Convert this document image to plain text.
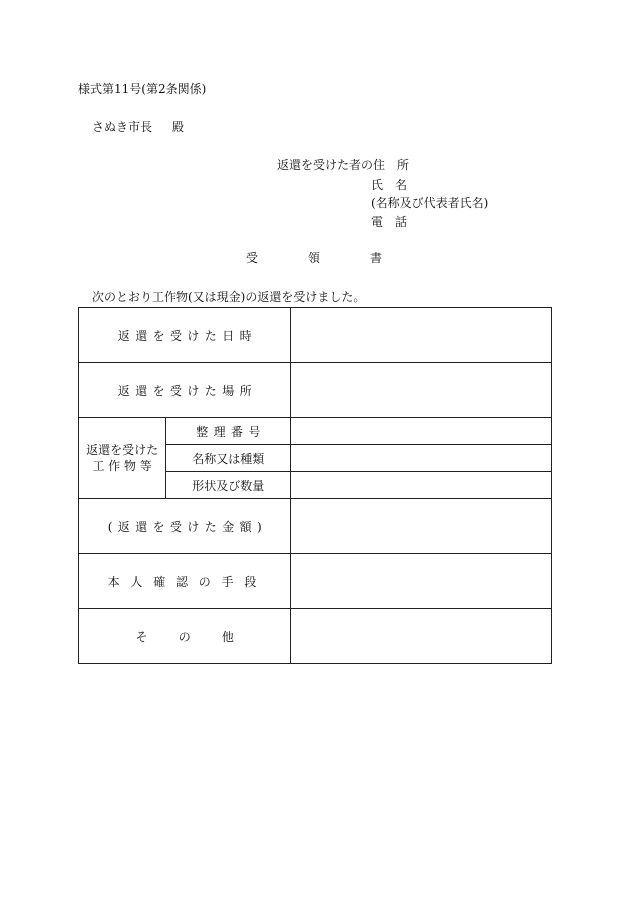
様式第11号(第2条関係)
さぬき市長 殿
返還を受けた者の住　所
氏　名
(名称及び代表者氏名)
電　話
受	領	書
次のとおり工作物(又は現金)の返還を受けました。
返還を受けた日時		
返還を受けた場所		

返還を受けた
工 作 物 等	整理番号	
	名称又は種類	
	形状及び数量	
(返還を受けた金額)		
本人確認の手段		
その他		
